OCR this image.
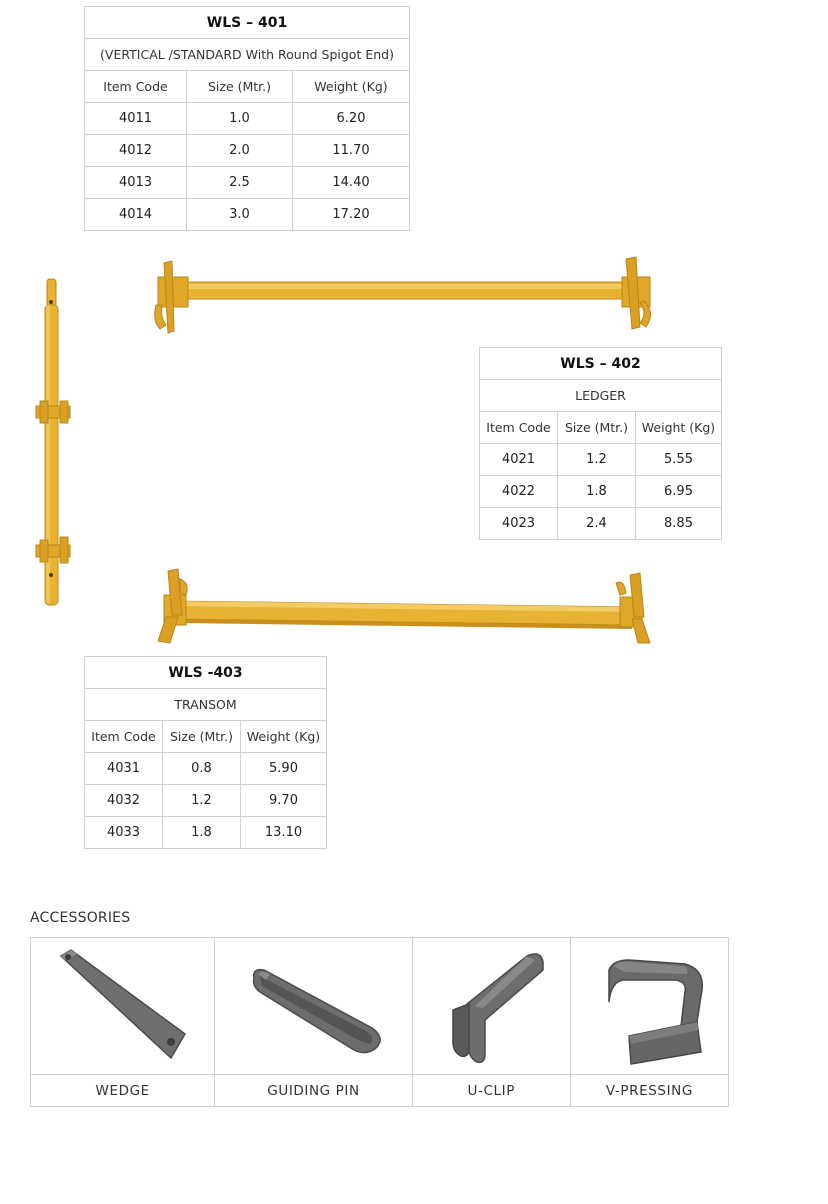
WLS – 401		
(VERTICAL /STANDARD With Round Spigot End)		
Item Code	Size (Mtr.)	Weight (Kg)
4011	1.0	6.20
4012	2.0	11.70
4013	2.5	14.40
4014	3.0	17.20
WLS – 402		
LEDGER		
Item Code	Size (Mtr.)	Weight (Kg)
4021	1.2	5.55
4022	1.8	6.95
4023	2.4	8.85
WLS -403		
TRANSOM		
Item Code	Size (Mtr.)	Weight (Kg)
4031	0.8	5.90
4032	1.2	9.70
4033	1.8	13.10
ACCESSORIES

WEDGE	GUIDING PIN	U-CLIP	V-PRESSING
